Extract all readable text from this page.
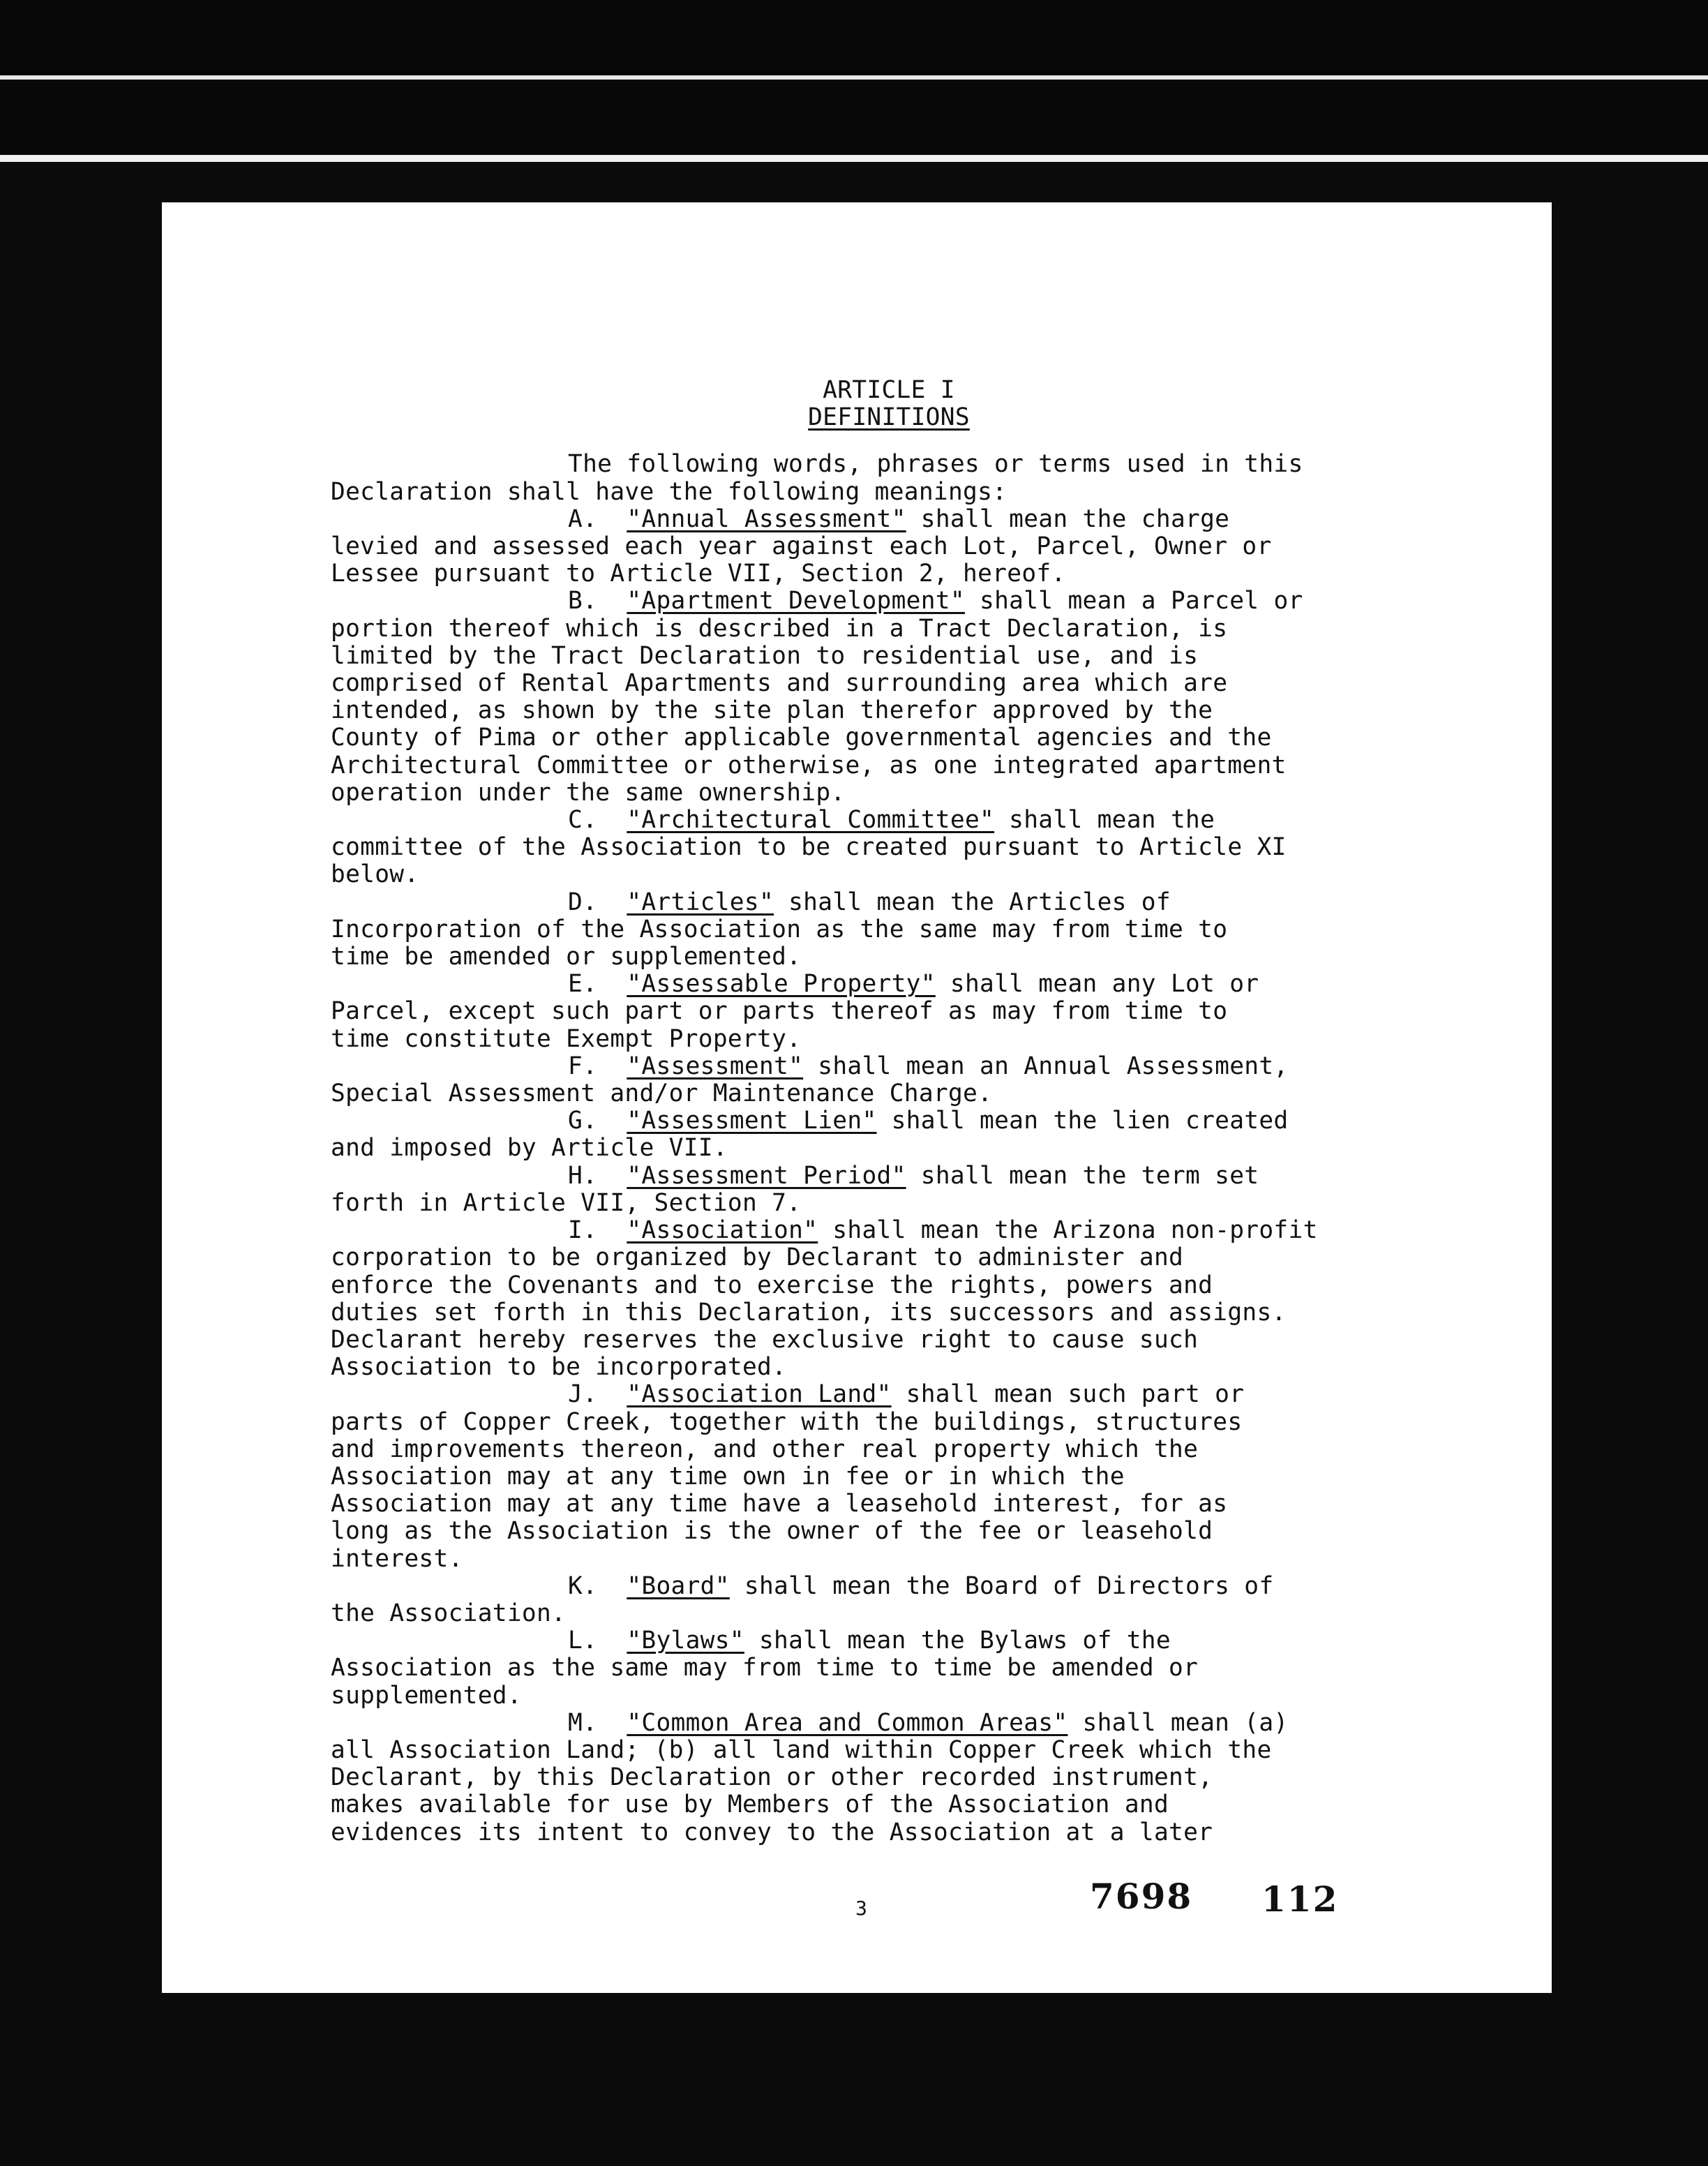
ARTICLE I
DEFINITIONS
The following words, phrases or terms used in this
Declaration shall have the following meanings:
A. "Annual Assessment" shall mean the charge
levied and assessed each year against each Lot, Parcel, Owner or
Lessee pursuant to Article VII, Section 2, hereof.
B. "Apartment Development" shall mean a Parcel or
portion thereof which is described in a Tract Declaration, is
limited by the Tract Declaration to residential use, and is
comprised of Rental Apartments and surrounding area which are
intended, as shown by the site plan therefor approved by the
County of Pima or other applicable governmental agencies and the
Architectural Committee or otherwise, as one integrated apartment
operation under the same ownership.
C. "Architectural Committee" shall mean the
committee of the Association to be created pursuant to Article XI
below.
D. "Articles" shall mean the Articles of
Incorporation of the Association as the same may from time to
time be amended or supplemented.
E. "Assessable Property" shall mean any Lot or
Parcel, except such part or parts thereof as may from time to
time constitute Exempt Property.
F. "Assessment" shall mean an Annual Assessment,
Special Assessment and/or Maintenance Charge.
G. "Assessment Lien" shall mean the lien created
and imposed by Article VII.
H. "Assessment Period" shall mean the term set
forth in Article VII, Section 7.
I. "Association" shall mean the Arizona non-profit
corporation to be organized by Declarant to administer and
enforce the Covenants and to exercise the rights, powers and
duties set forth in this Declaration, its successors and assigns.
Declarant hereby reserves the exclusive right to cause such
Association to be incorporated.
J. "Association Land" shall mean such part or
parts of Copper Creek, together with the buildings, structures
and improvements thereon, and other real property which the
Association may at any time own in fee or in which the
Association may at any time have a leasehold interest, for as
long as the Association is the owner of the fee or leasehold
interest.
K. "Board" shall mean the Board of Directors of
the Association.
L. "Bylaws" shall mean the Bylaws of the
Association as the same may from time to time be amended or
supplemented.
M. "Common Area and Common Areas" shall mean (a)
all Association Land; (b) all land within Copper Creek which the
Declarant, by this Declaration or other recorded instrument,
makes available for use by Members of the Association and
evidences its intent to convey to the Association at a later
3	7698 112
